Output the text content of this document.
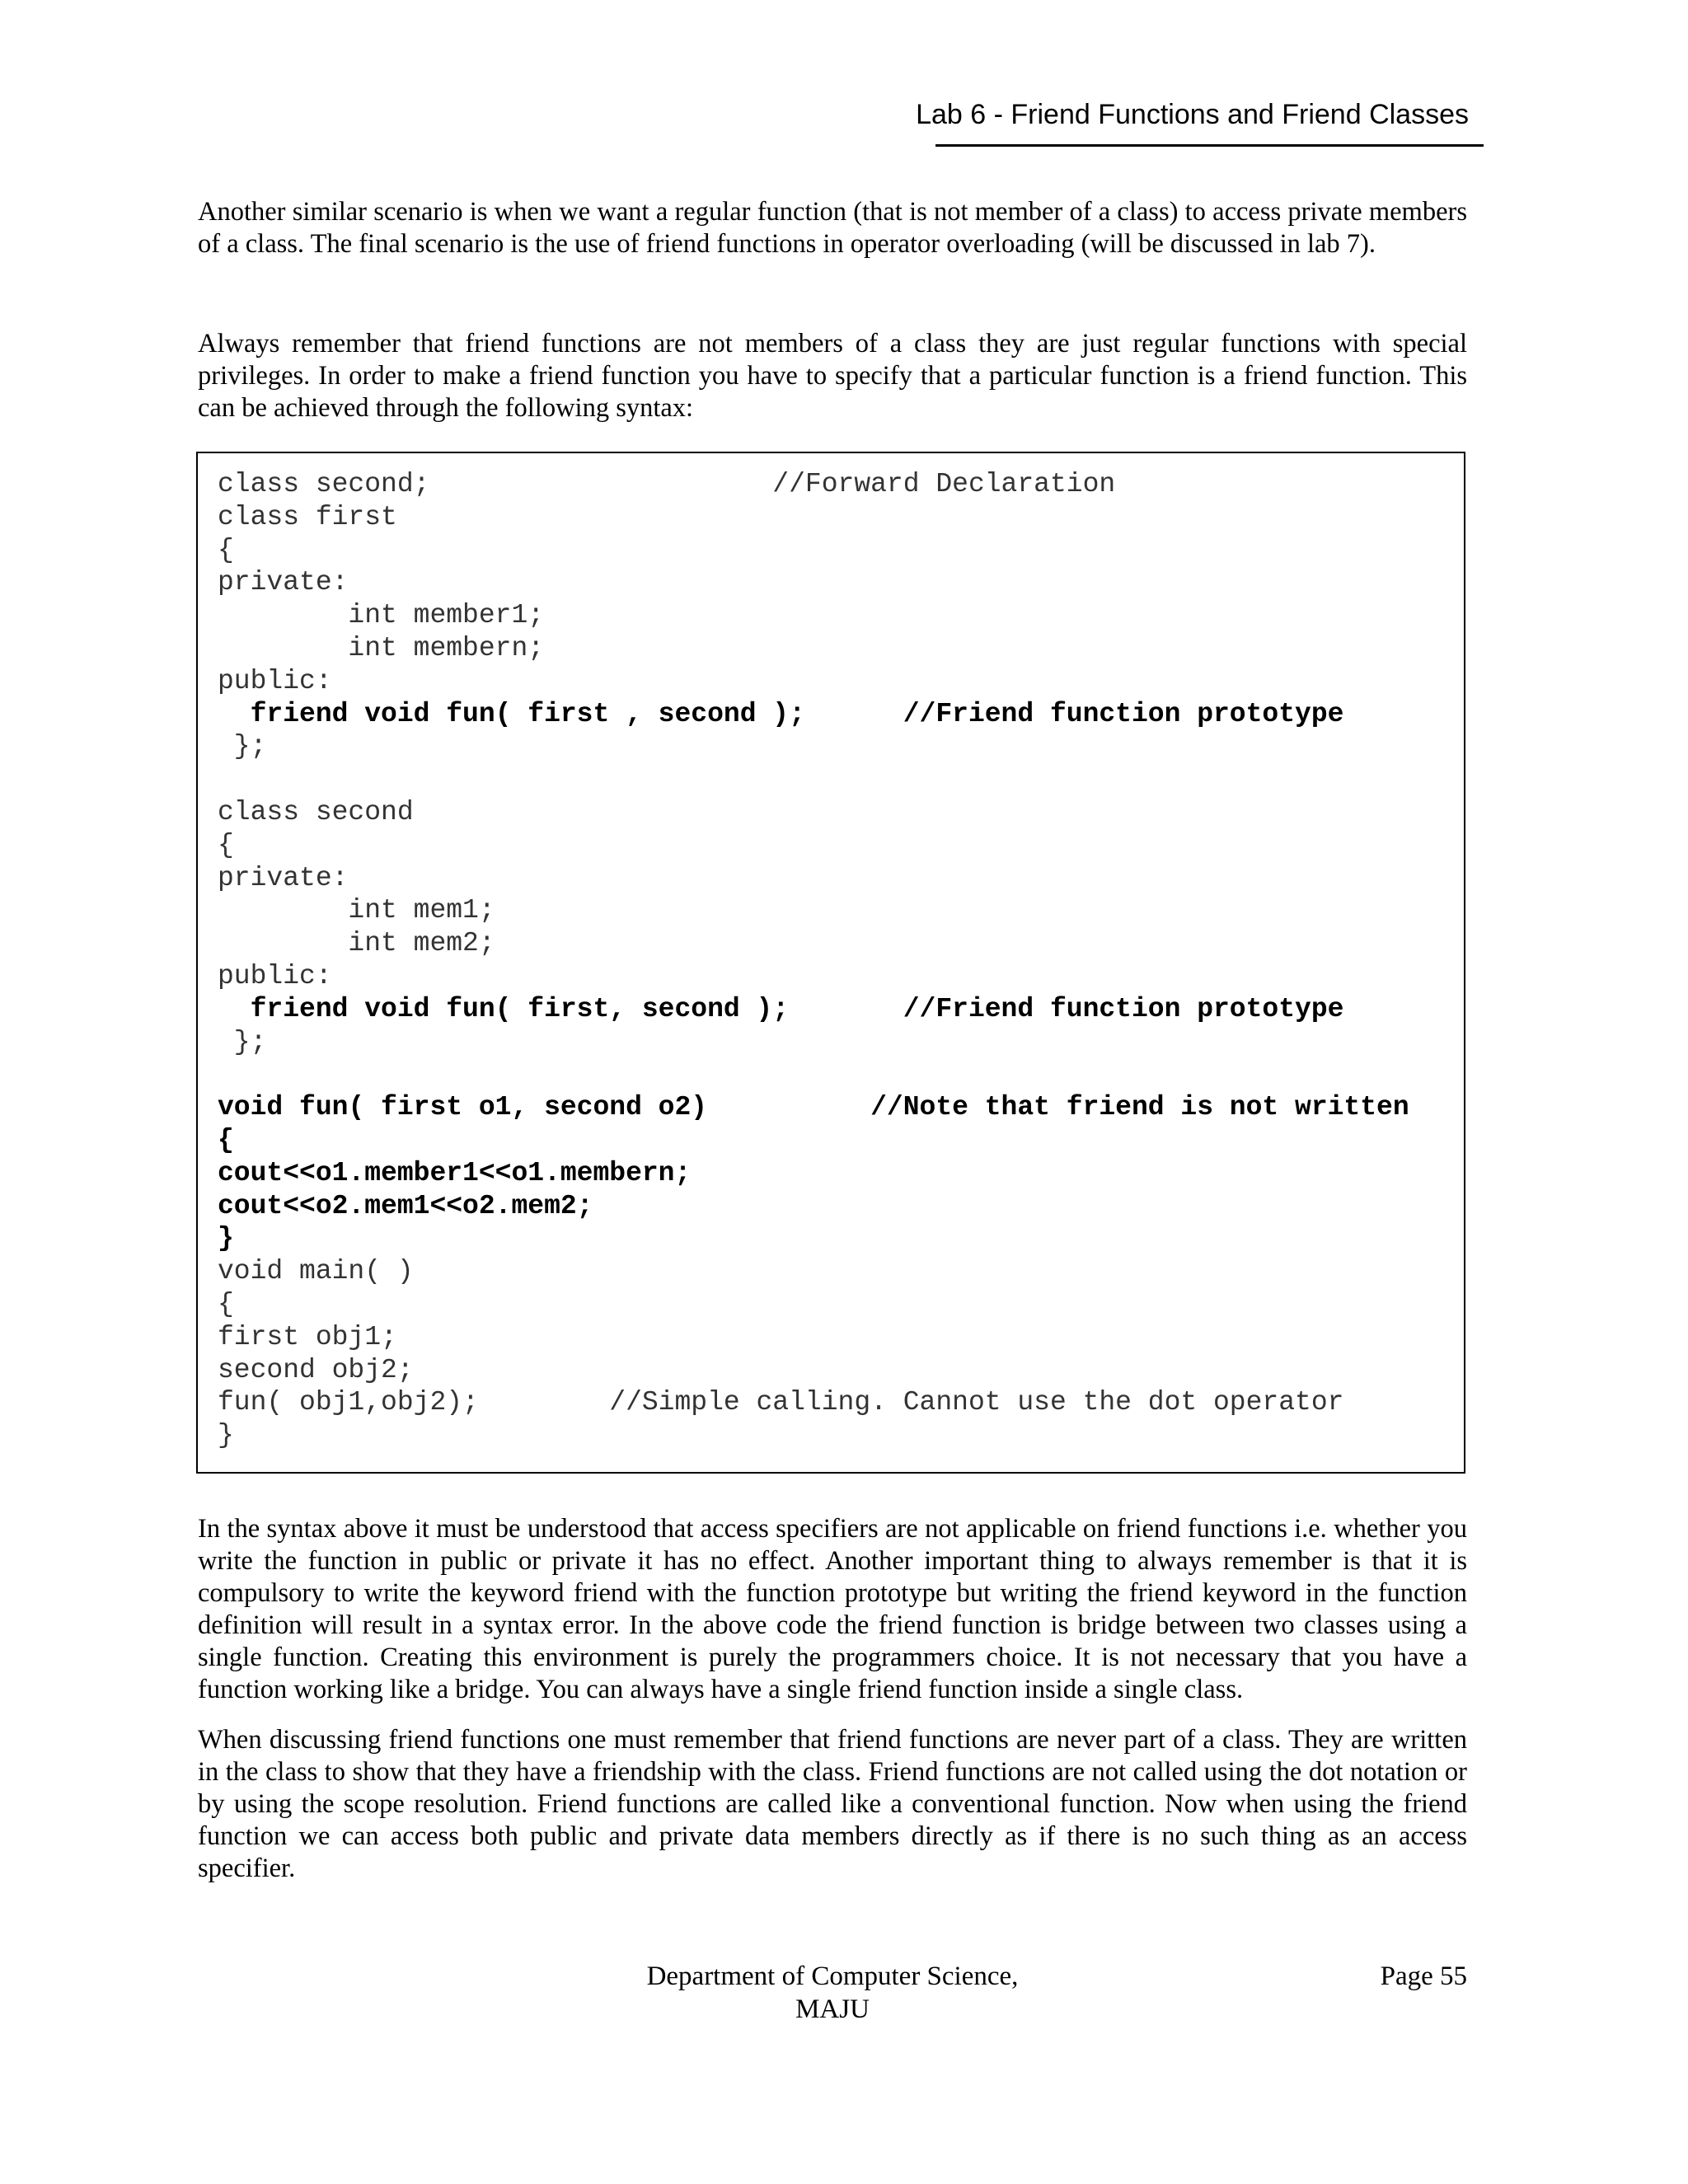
Lab 6 - Friend Functions and Friend Classes

Another similar scenario is when we want a regular function (that is not member of a class) to access private members of a class. The final scenario is the use of friend functions in operator overloading (will be discussed in lab 7).

Always remember that friend functions are not members of a class they are just regular functions with special privileges. In order to make a friend function you have to specify that a particular function is a friend function. This can be achieved through the following syntax:

class second;                     //Forward Declaration
class first
{
private:
int member1;
int membern;
public:
friend void fun( first , second );      //Friend function prototype
};
class second
{
private:
int mem1;
int mem2;
public:
friend void fun( first, second );       //Friend function prototype
};
void fun( first o1, second o2)          //Note that friend is not written
{
cout<<o1.member1<<o1.membern;
cout<<o2.mem1<<o2.mem2;
}
void main( )
{
first obj1;
second obj2;
fun( obj1,obj2);        //Simple calling. Cannot use the dot operator
}

In the syntax above it must be understood that access specifiers are not applicable on friend functions i.e. whether you write the function in public or private it has no effect. Another important thing to always remember is that it is compulsory to write the keyword friend with the function prototype but writing the friend keyword in the function definition will result in a syntax error. In the above code the friend function is bridge between two classes using a single function. Creating this environment is purely the programmers choice. It is not necessary that you have a function working like a bridge. You can always have a single friend function inside a single class.

When discussing friend functions one must remember that friend functions are never part of a class. They are written in the class to show that they have a friendship with the class. Friend functions are not called using the dot notation or by using the scope resolution. Friend functions are called like a conventional function. Now when using the friend function we can access both public and private data members directly as if there is no such thing as an access specifier.

Department of Computer Science,
MAJU
Page 55
